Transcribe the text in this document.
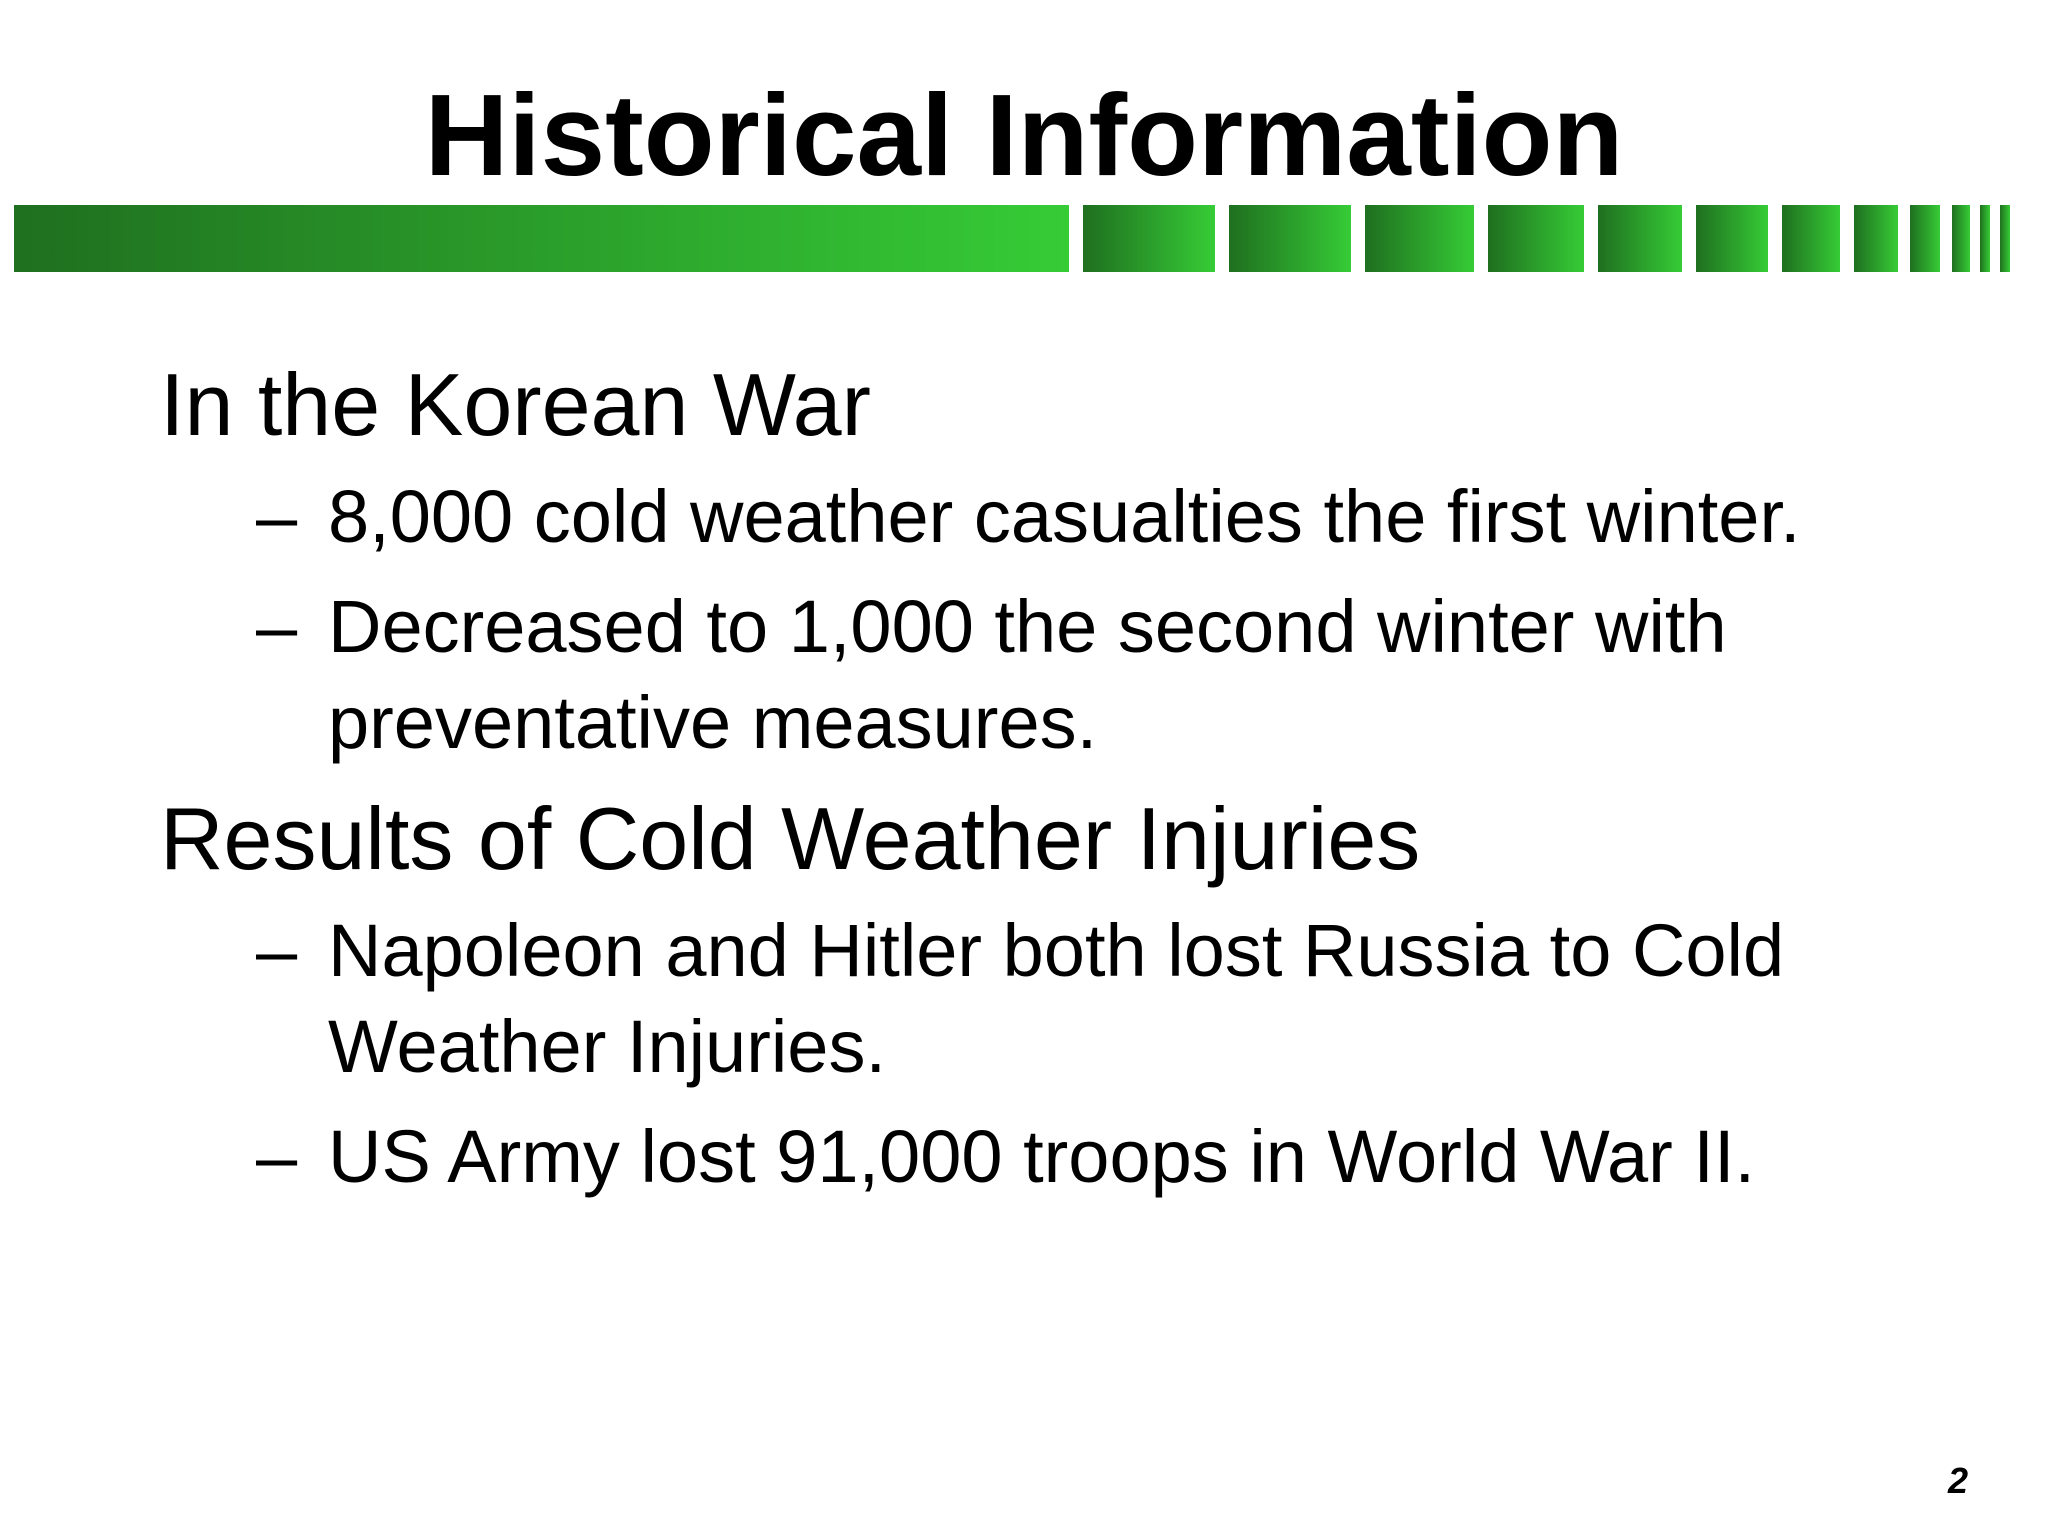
Historical Information

In the Korean War

– 8,000 cold weather casualties the first winter.

– Decreased to 1,000 the second winter with preventative measures.

Results of Cold Weather Injuries

– Napoleon and Hitler both lost Russia to Cold Weather Injuries.

– US Army lost 91,000 troops in World War II.

2
